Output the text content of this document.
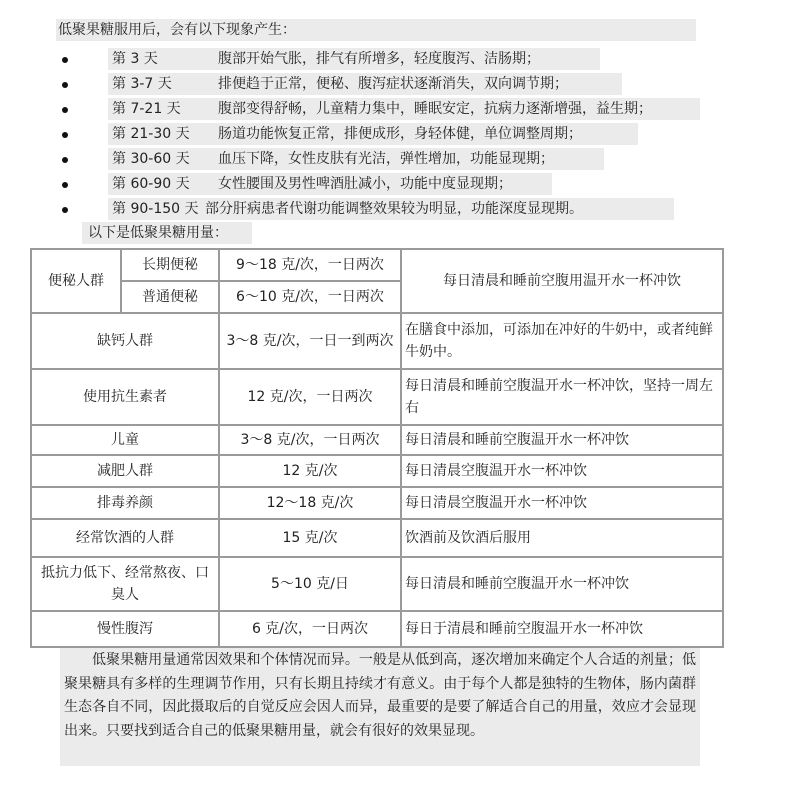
低聚果糖服用后，会有以下现象产生：
第 3 天	腹部开始气胀，排气有所增多，轻度腹泻、洁肠期；
第 3-7 天	排便趋于正常，便秘、腹泻症状逐渐消失，双向调节期；
第 7-21 天	腹部变得舒畅，儿童精力集中，睡眠安定，抗病力逐渐增强，益生期；
第 21-30 天 肠道功能恢复正常，排便成形，身轻体健，单位调整周期；
第 30-60 天 血压下降，女性皮肤有光洁，弹性增加，功能显现期；
第 60-90 天 女性腰围及男性啤酒肚减小，功能中度显现期；
第 90-150 天 部分肝病患者代谢功能调整效果较为明显，功能深度显现期。
以下是低聚果糖用量：
便秘人群	长期便秘	9～18 克/次，一日两次	每日清晨和睡前空腹用温开水一杯冲饮
	普通便秘	6～10 克/次，一日两次	
缺钙人群		3～8 克/次，一日一到两次	在膳食中添加，可添加在冲好的牛奶中，或者纯鲜牛奶中。
使用抗生素者		12 克/次，一日两次	每日清晨和睡前空腹温开水一杯冲饮，坚持一周左右
儿童		3～8 克/次，一日两次	每日清晨和睡前空腹温开水一杯冲饮
减肥人群		12 克/次	每日清晨空腹温开水一杯冲饮
排毒养颜		12～18 克/次	每日清晨空腹温开水一杯冲饮
经常饮酒的人群		15 克/次	饮酒前及饮酒后服用
抵抗力低下、经常熬夜、口臭人		5～10 克/日	每日清晨和睡前空腹温开水一杯冲饮
慢性腹泻		6 克/次，一日两次	每日于清晨和睡前空腹温开水一杯冲饮
低聚果糖用量通常因效果和个体情况而异。一般是从低到高，逐次增加来确定个人合适的剂量；低聚果糖具有多样的生理调节作用，只有长期且持续才有意义。由于每个人都是独特的生物体，肠内菌群生态各自不同，因此摄取后的自觉反应会因人而异，最重要的是要了解适合自己的用量，效应才会显现出来。只要找到适合自己的低聚果糖用量，就会有很好的效果显现。
